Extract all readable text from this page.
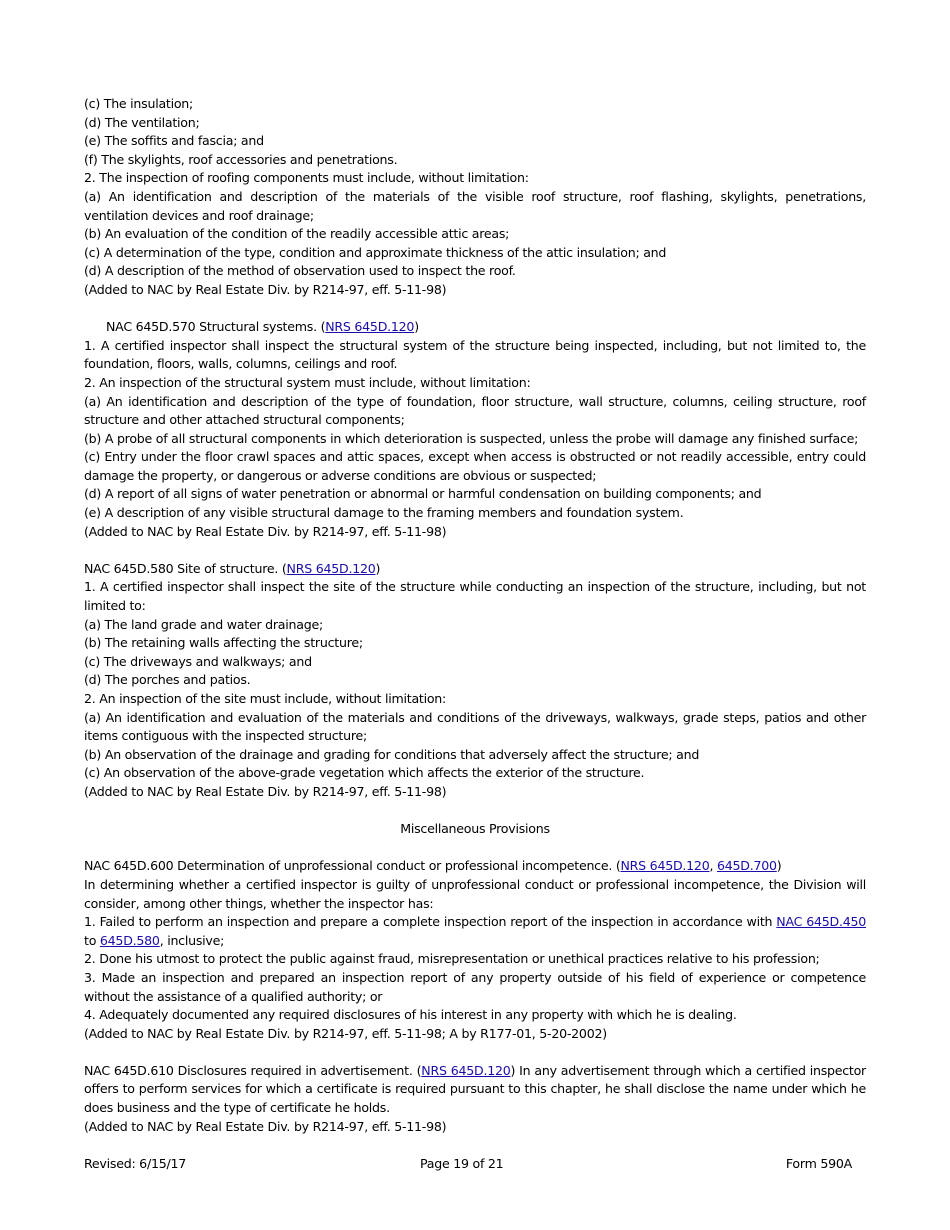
(c) The insulation;
(d) The ventilation;
(e) The soffits and fascia; and
(f) The skylights, roof accessories and penetrations.
2. The inspection of roofing components must include, without limitation:
(a) An identification and description of the materials of the visible roof structure, roof flashing, skylights, penetrations, ventilation devices and roof drainage;
(b) An evaluation of the condition of the readily accessible attic areas;
(c) A determination of the type, condition and approximate thickness of the attic insulation; and
(d) A description of the method of observation used to inspect the roof.
(Added to NAC by Real Estate Div. by R214-97, eff. 5-11-98)
NAC 645D.570 Structural systems. (NRS 645D.120)
1. A certified inspector shall inspect the structural system of the structure being inspected, including, but not limited to, the foundation, floors, walls, columns, ceilings and roof.
2. An inspection of the structural system must include, without limitation:
(a) An identification and description of the type of foundation, floor structure, wall structure, columns, ceiling structure, roof structure and other attached structural components;
(b) A probe of all structural components in which deterioration is suspected, unless the probe will damage any finished surface;
(c) Entry under the floor crawl spaces and attic spaces, except when access is obstructed or not readily accessible, entry could damage the property, or dangerous or adverse conditions are obvious or suspected;
(d) A report of all signs of water penetration or abnormal or harmful condensation on building components; and
(e) A description of any visible structural damage to the framing members and foundation system.
(Added to NAC by Real Estate Div. by R214-97, eff. 5-11-98)
NAC 645D.580 Site of structure. (NRS 645D.120)
1. A certified inspector shall inspect the site of the structure while conducting an inspection of the structure, including, but not limited to:
(a) The land grade and water drainage;
(b) The retaining walls affecting the structure;
(c) The driveways and walkways; and
(d) The porches and patios.
2. An inspection of the site must include, without limitation:
(a) An identification and evaluation of the materials and conditions of the driveways, walkways, grade steps, patios and other items contiguous with the inspected structure;
(b) An observation of the drainage and grading for conditions that adversely affect the structure; and
(c) An observation of the above-grade vegetation which affects the exterior of the structure.
(Added to NAC by Real Estate Div. by R214-97, eff. 5-11-98)
Miscellaneous Provisions
NAC 645D.600 Determination of unprofessional conduct or professional incompetence. (NRS 645D.120, 645D.700)
In determining whether a certified inspector is guilty of unprofessional conduct or professional incompetence, the Division will consider, among other things, whether the inspector has:
1. Failed to perform an inspection and prepare a complete inspection report of the inspection in accordance with NAC 645D.450 to 645D.580, inclusive;
2. Done his utmost to protect the public against fraud, misrepresentation or unethical practices relative to his profession;
3. Made an inspection and prepared an inspection report of any property outside of his field of experience or competence without the assistance of a qualified authority; or
4. Adequately documented any required disclosures of his interest in any property with which he is dealing.
(Added to NAC by Real Estate Div. by R214-97, eff. 5-11-98; A by R177-01, 5-20-2002)
NAC 645D.610 Disclosures required in advertisement. (NRS 645D.120) In any advertisement through which a certified inspector offers to perform services for which a certificate is required pursuant to this chapter, he shall disclose the name under which he does business and the type of certificate he holds.
(Added to NAC by Real Estate Div. by R214-97, eff. 5-11-98)
Revised: 6/15/17	Page 19 of 21	Form 590A
